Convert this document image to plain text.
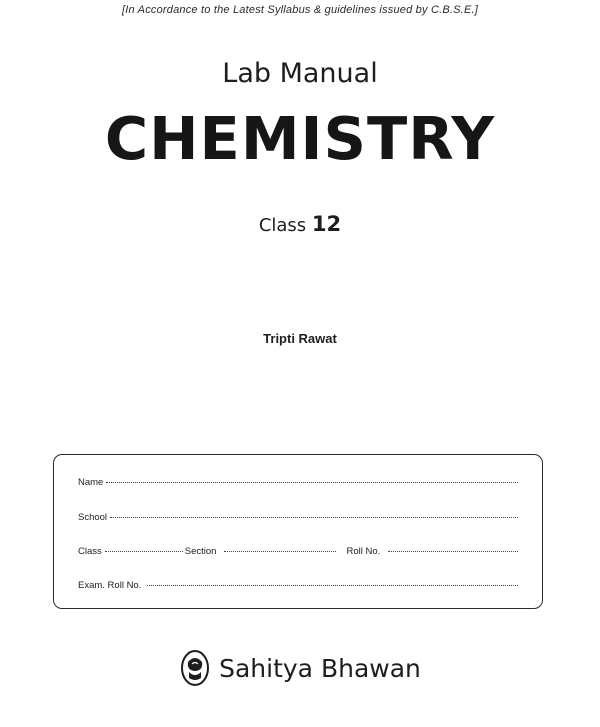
[In Accordance to the Latest Syllabus & guidelines issued by C.B.S.E.]
Lab Manual
CHEMISTRY
Class 12
Tripti Rawat
Name
School
Class	Section	Roll No.
Exam. Roll No.
Sahitya Bhawan
